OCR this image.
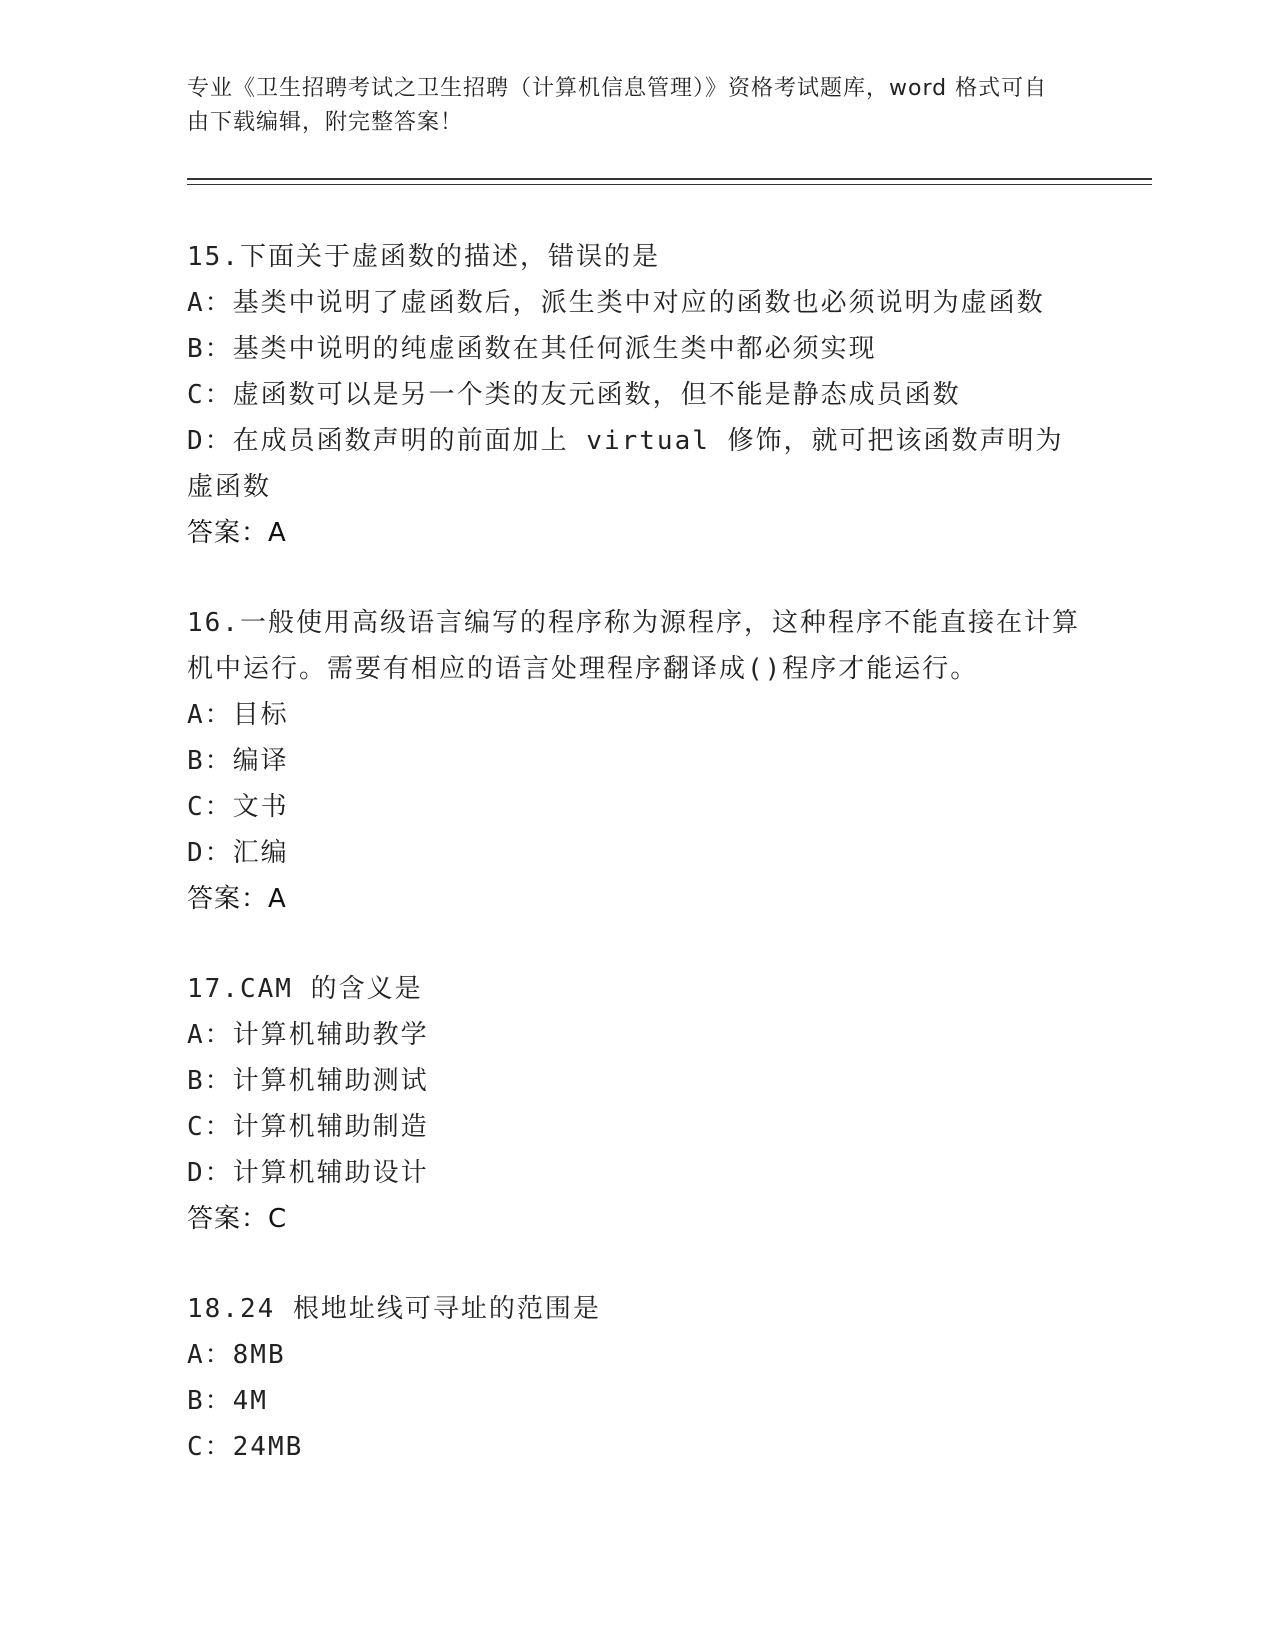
专业《卫生招聘考试之卫生招聘（计算机信息管理）》资格考试题库，word 格式可自由下载编辑，附完整答案！
15.下面关于虚函数的描述，错误的是
A：基类中说明了虚函数后，派生类中对应的函数也必须说明为虚函数
B：基类中说明的纯虚函数在其任何派生类中都必须实现
C：虚函数可以是另一个类的友元函数，但不能是静态成员函数
D：在成员函数声明的前面加上 virtual 修饰，就可把该函数声明为虚函数
答案：A
16.一般使用高级语言编写的程序称为源程序，这种程序不能直接在计算机中运行。需要有相应的语言处理程序翻译成()程序才能运行。
A：目标
B：编译
C：文书
D：汇编
答案：A
17.CAM 的含义是
A：计算机辅助教学
B：计算机辅助测试
C：计算机辅助制造
D：计算机辅助设计
答案：C
18.24 根地址线可寻址的范围是
A：8MB
B：4M
C：24MB
